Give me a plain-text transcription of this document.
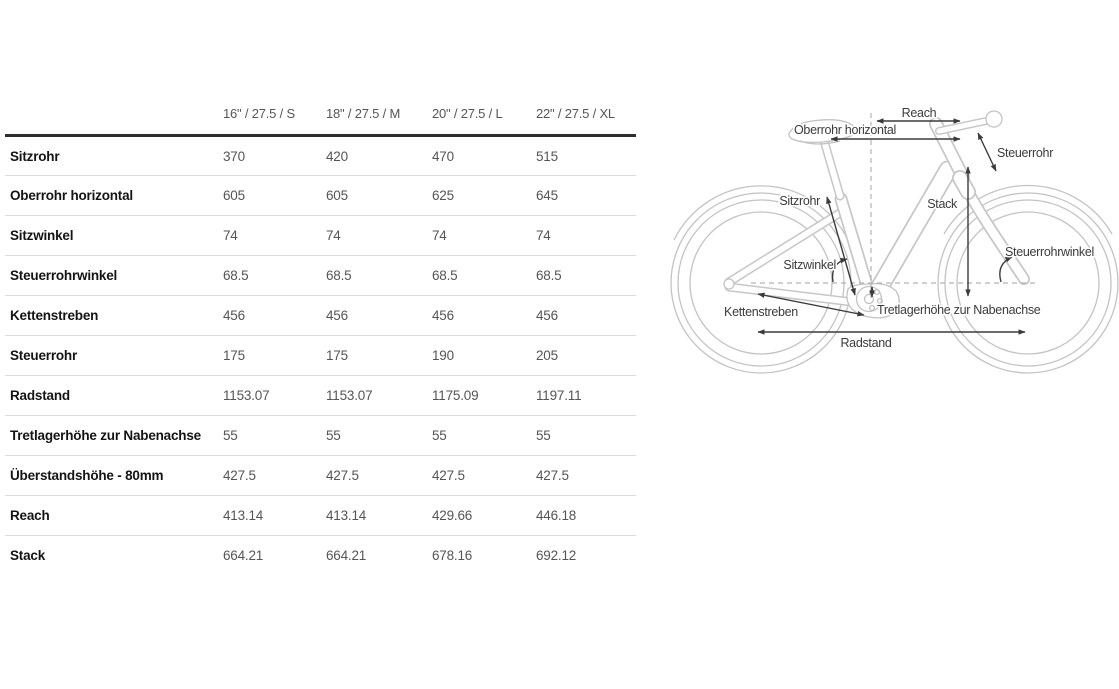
	16" / 27.5 / S	18" / 27.5 / M	20" / 27.5 / L	22" / 27.5 / XL
Sitzrohr	370	420	470	515
Oberrohr horizontal	605	605	625	645
Sitzwinkel	74	74	74	74
Steuerrohrwinkel	68.5	68.5	68.5	68.5
Kettenstreben	456	456	456	456
Steuerrohr	175	175	190	205
Radstand	1153.07	1153.07	1175.09	1197.11
Tretlagerhöhe zur Nabenachse	55	55	55	55
Überstandshöhe - 80mm	427.5	427.5	427.5	427.5
Reach	413.14	413.14	429.66	446.18
Stack	664.21	664.21	678.16	692.12
Reach
Oberrohr horizontal
Steuerrohr
Sitzrohr	Stack
Steuerrohrwinkel
Sitzwinkel
Kettenstreben	Tretlagerhöhe zur Nabenachse
Radstand
